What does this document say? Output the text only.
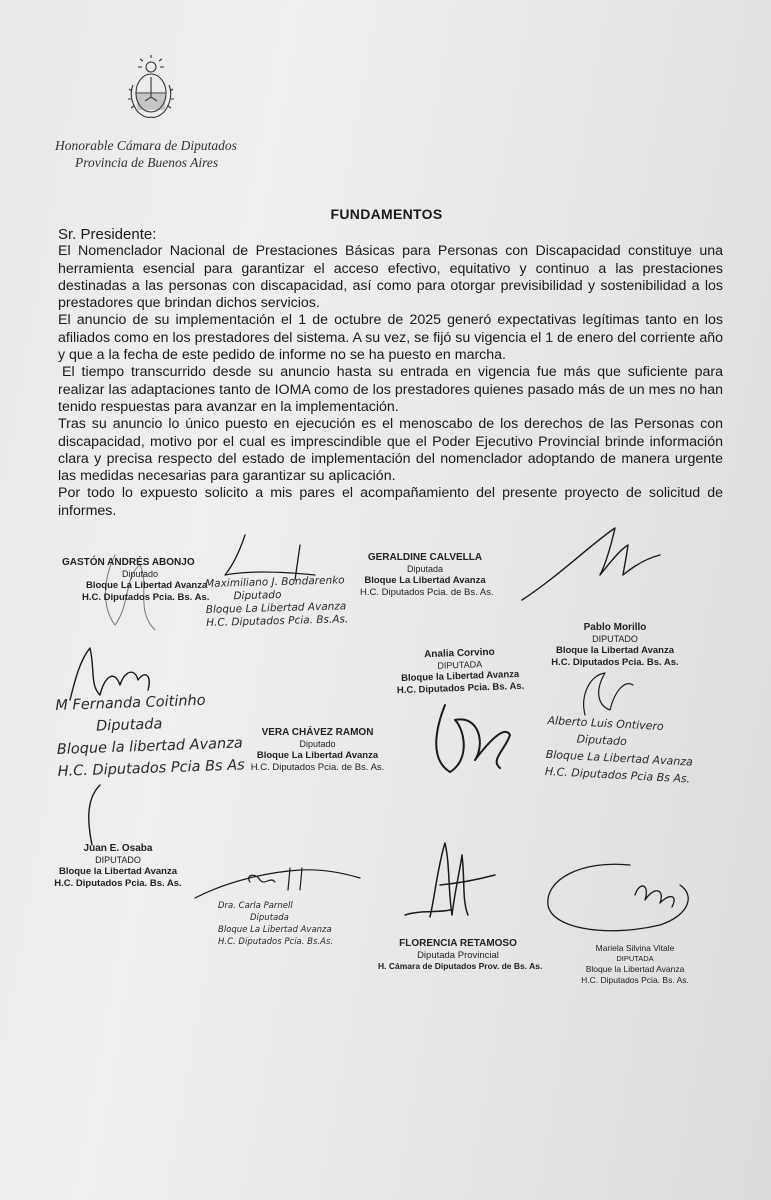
Honorable Cámara de Diputados
Provincia de Buenos Aires
FUNDAMENTOS

Sr. Presidente:

El Nomenclador Nacional de Prestaciones Básicas para Personas con Discapacidad constituye una herramienta esencial para garantizar el acceso efectivo, equitativo y continuo a las prestaciones destinadas a las personas con discapacidad, así como para otorgar previsibilidad y sostenibilidad a los prestadores que brindan dichos servicios.

El anuncio de su implementación el 1 de octubre de 2025 generó expectativas legítimas tanto en los afiliados como en los prestadores del sistema. A su vez, se fijó su vigencia el 1 de enero del corriente año y que a la fecha de este pedido de informe no se ha puesto en marcha.

El tiempo transcurrido desde su anuncio hasta su entrada en vigencia fue más que suficiente para realizar las adaptaciones tanto de IOMA como de los prestadores quienes pasado más de un mes no han tenido respuestas para avanzar en la implementación.

Tras su anuncio lo único puesto en ejecución es el menoscabo de los derechos de las Personas con discapacidad, motivo por el cual es imprescindible que el Poder Ejecutivo Provincial brinde información clara y precisa respecto del estado de implementación del nomenclador adoptando de manera urgente las medidas necesarias para garantizar su aplicación.

Por todo lo expuesto solicito a mis pares el acompañamiento del presente proyecto de solicitud de informes.

GASTÓN ANDRÉS ABONJO
Diputado
Bloque La Libertad Avanza
H.C. Diputados Pcia. Bs. As.
Maximiliano J. Bondarenko
Diputado
Bloque La Libertad Avanza
H.C. Diputados Pcia. Bs.As.
GERALDINE CALVELLA
Diputada
Bloque La Libertad Avanza
H.C. Diputados Pcia. de Bs. As.
Pablo Morillo
DIPUTADO
Bloque la Libertad Avanza
H.C. Diputados Pcia. Bs. As.
M Fernanda Coitinho
Diputada
Bloque la libertad Avanza
H.C. Diputados Pcia Bs As
Analia Corvino
DIPUTADA
Bloque la Libertad Avanza
H.C. Diputados Pcia. Bs. As.
VERA CHÁVEZ RAMON
Diputado
Bloque La Libertad Avanza
H.C. Diputados Pcia. de Bs. As.
Alberto Luis Ontivero
Diputado
Bloque La Libertad Avanza
H.C. Diputados Pcia Bs As.
Juan E. Osaba
DIPUTADO
Bloque la Libertad Avanza
H.C. Diputados Pcia. Bs. As.
Dra. Carla Parnell
Diputada
Bloque La Libertad Avanza
H.C. Diputados Pcia. Bs.As.	FLORENCIA RETAMOSO
Diputada Provincial
H. Cámara de Diputados Prov. de Bs. As.
Mariela Silvina Vitale
DIPUTADA
Bloque la Libertad Avanza
H.C. Diputados Pcia. Bs. As.
